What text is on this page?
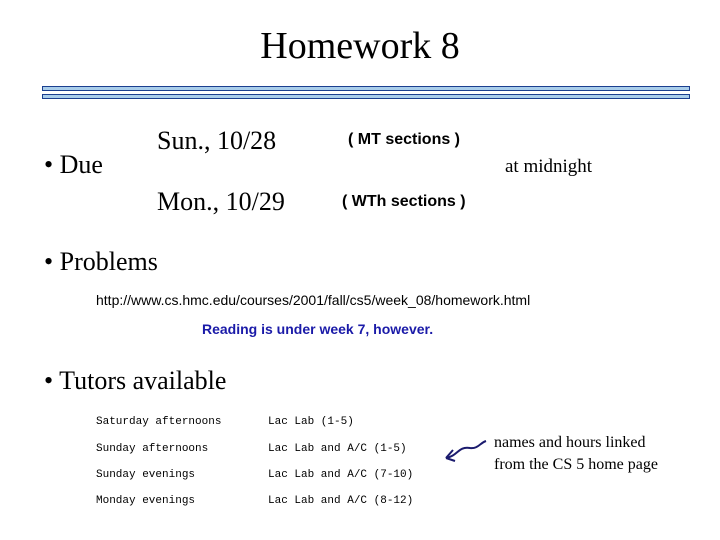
Homework 8
• Due
Sun., 10/28	( MT sections )
Mon., 10/29	( WTh sections )
at midnight
• Problems
http://www.cs.hmc.edu/courses/2001/fall/cs5/week_08/homework.html
Reading is under week 7, however.
• Tutors available
Saturday afternoons	Lac Lab (1-5)
Sunday afternoons	Lac Lab and A/C (1-5)
Sunday evenings	Lac Lab and A/C (7-10)
Monday evenings	Lac Lab and A/C (8-12)
names and hours linked
from the CS 5 home page
